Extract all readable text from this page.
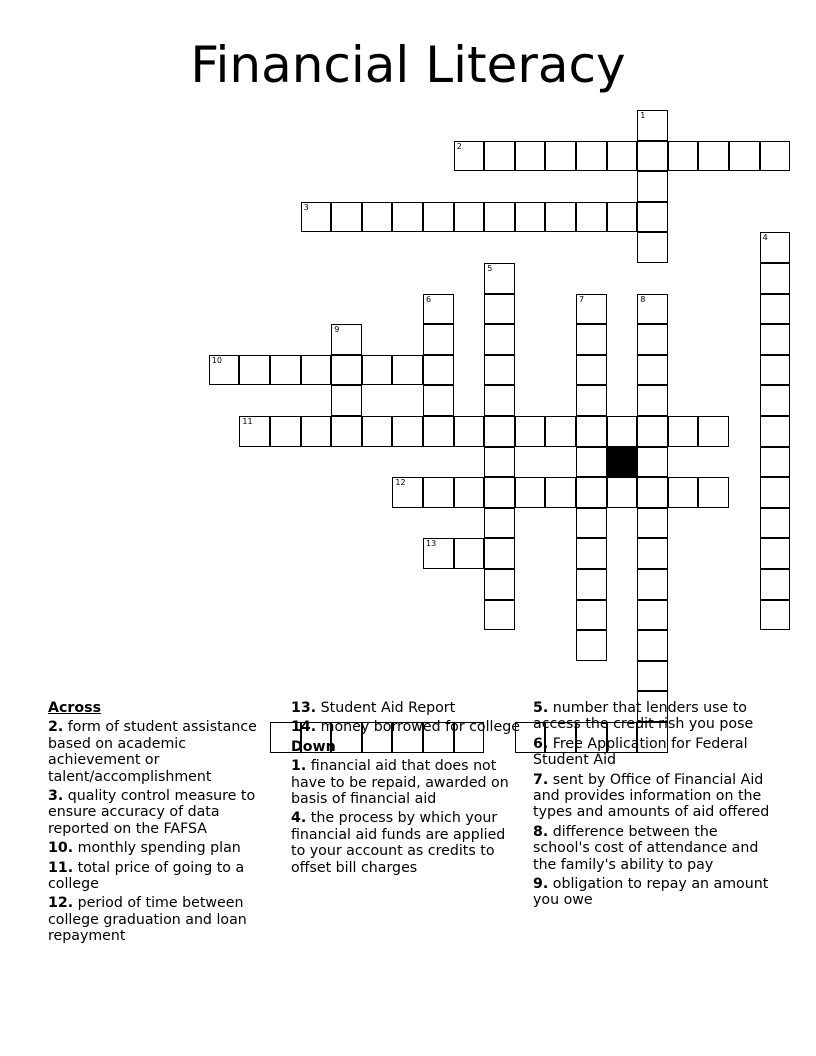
Financial Literacy
1
2
3
4
5
6	7	8
9
10
11
12
13
Across
2. form of student assistance based on academic achievement or talent/accomplishment
3. quality control measure to ensure accuracy of data reported on the FAFSA
10. monthly spending plan
11. total price of going to a college
12. period of time between college graduation and loan repayment
13. Student Aid Report
14. money borrowed for college
Down
1. financial aid that does not have to be repaid, awarded on basis of financial aid
4. the process by which your financial aid funds are applied to your account as credits to offset bill charges
5. number that lenders use to access the credit rish you pose
6. Free Application for Federal Student Aid
7. sent by Office of Financial Aid and provides information on the types and amounts of aid offered
8. difference between the school's cost of attendance and the family's ability to pay
9. obligation to repay an amount you owe
